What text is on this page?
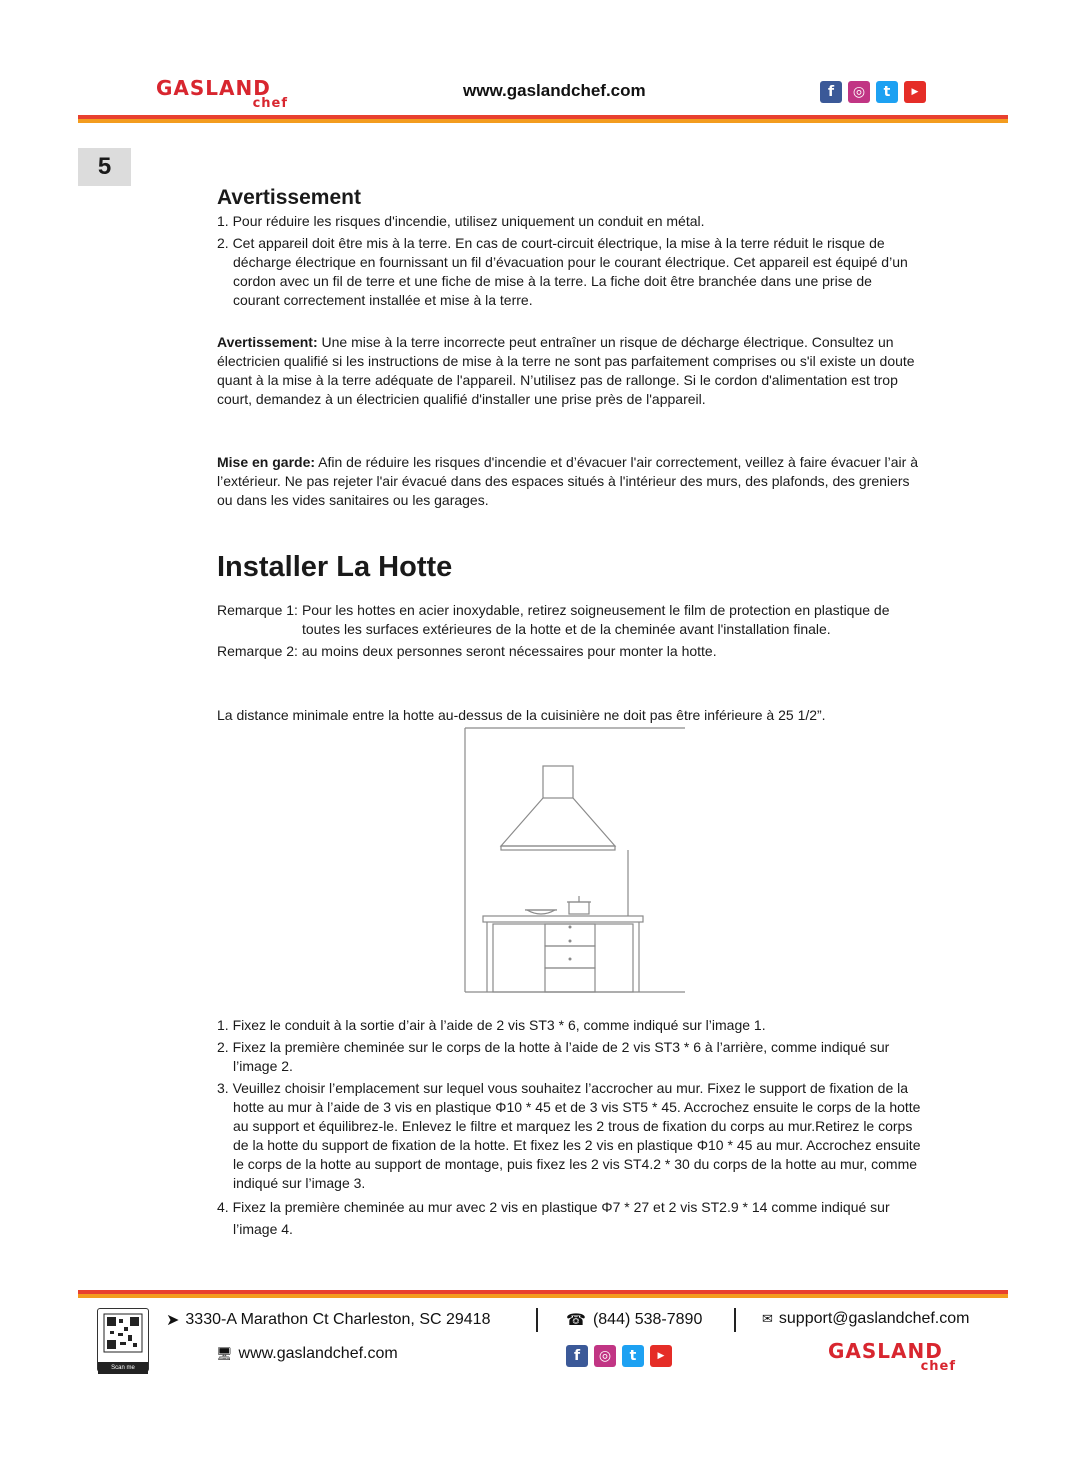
GASLAND
chef
www.gaslandchef.com	f	◎	t	▶
5
Avertissement
1. Pour réduire les risques d'incendie, utilisez uniquement un conduit en métal.
2. Cet appareil doit être mis à la terre. En cas de court-circuit électrique, la mise à la terre réduit le risque de décharge électrique en fournissant un fil d’évacuation pour le courant électrique. Cet appareil est équipé d’un cordon avec un fil de terre et une fiche de mise à la terre. La fiche doit être branchée dans une prise de courant correctement installée et mise à la terre.
Avertissement: Une mise à la terre incorrecte peut entraîner un risque de décharge électrique. Consultez un électricien qualifié si les instructions de mise à la terre ne sont pas parfaitement comprises ou s'il existe un doute quant à la mise à la terre adéquate de l'appareil. N’utilisez pas de rallonge. Si le cordon d'alimentation est trop court, demandez à un électricien qualifié d'installer une prise près de l'appareil.
Mise en garde: Afin de réduire les risques d'incendie et d’évacuer l'air correctement, veillez à faire évacuer l’air à l’extérieur. Ne pas rejeter l'air évacué dans des espaces situés à l'intérieur des murs, des plafonds, des greniers ou dans les vides sanitaires ou les garages.
Installer La Hotte
Remarque 1: Pour les hottes en acier inoxydable, retirez soigneusement le film de protection en plastique de toutes les surfaces extérieures de la hotte et de la cheminée avant l'installation finale.
Remarque 2: au moins deux personnes seront nécessaires pour monter la hotte.
La distance minimale entre la hotte au-dessus de la cuisinière ne doit pas être inférieure à 25 1/2”.
1. Fixez le conduit à la sortie d’air à l’aide de 2 vis ST3 * 6, comme indiqué sur l’image 1.
2. Fixez la première cheminée sur le corps de la hotte à l’aide de 2 vis ST3 * 6 à l’arrière, comme indiqué sur l’image 2.
3. Veuillez choisir l’emplacement sur lequel vous souhaitez l’accrocher au mur. Fixez le support de fixation de la hotte au mur à l’aide de 3 vis en plastique Φ10 * 45 et de 3 vis ST5 * 45. Accrochez ensuite le corps de la hotte au support et équilibrez-le. Enlevez le filtre et marquez les 2 trous de fixation du corps au mur.Retirez le corps de la hotte du support de fixation de la hotte. Et fixez les 2 vis en plastique Φ10 * 45 au mur. Accrochez ensuite le corps de la hotte au support de montage, puis fixez les 2 vis ST4.2 * 30 du corps de la hotte au mur, comme indiqué sur l’image 3.
4. Fixez la première cheminée au mur avec 2 vis en plastique Φ7 * 27 et 2 vis ST2.9 * 14 comme indiqué sur l’image 4.
Scan me
➤ 3330-A Marathon Ct Charleston, SC 29418	☎ (844) 538-7890	✉ support@gaslandchef.com
🖥 www.gaslandchef.com	f	◎	t	▶	GASLAND
chef
